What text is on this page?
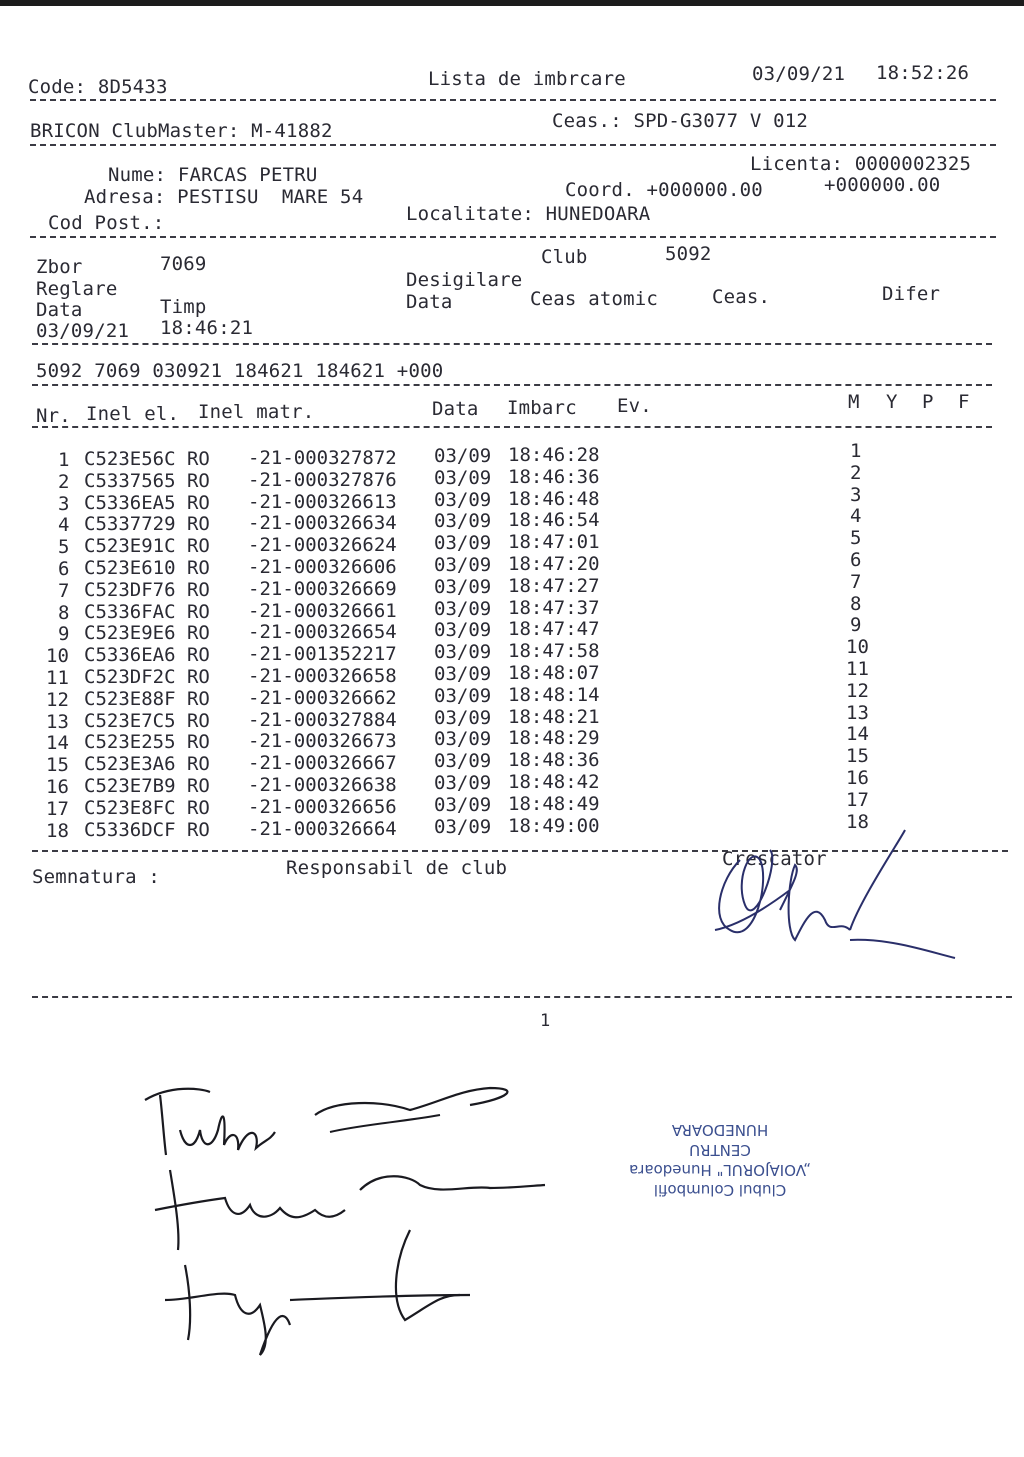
Code: 8D5433	Lista de imbrcare	03/09/21 18:52:26
BRICON ClubMaster: M-41882	Ceas.: SPD-G3077 V 012
Licenta: 0000002325
Nume: FARCAS PETRU
Adresa: PESTISU  MARE 54	Coord. +000000.00	+000000.00
Cod Post.:	Localitate: HUNEDOARA
Club	5092
Zbor	7069
Desigilare
Reglare
Data	Timp	Data	Ceas atomic	Ceas.	Difer
03/09/21 18:46:21
5092 7069 030921 184621 184621 +000
Nr. Inel el. Inel matr.	Data Imbarc Ev.	M Y P F
1 C523E56C RO -21-000327872 03/09 18:46:28	1
2 C5337565 RO -21-000327876 03/09 18:46:36	2
3 C5336EA5 RO -21-000326613 03/09 18:46:48	3
4 C5337729 RO -21-000326634 03/09 18:46:54	4
5 C523E91C RO -21-000326624 03/09 18:47:01	5
6 C523E610 RO -21-000326606 03/09 18:47:20	6
7 C523DF76 RO -21-000326669 03/09 18:47:27	7
8 C5336FAC RO -21-000326661 03/09 18:47:37	8
9 C523E9E6 RO -21-000326654 03/09 18:47:47	9
10 C5336EA6 RO -21-001352217 03/09 18:47:58	10
11 C523DF2C RO -21-000326658 03/09 18:48:07	11
12 C523E88F RO -21-000326662 03/09 18:48:14	12
13 C523E7C5 RO -21-000327884 03/09 18:48:21	13
14 C523E255 RO -21-000326673 03/09 18:48:29	14
15 C523E3A6 RO -21-000326667 03/09 18:48:36	15
16 C523E7B9 RO -21-000326638 03/09 18:48:42	16
17 C523E8FC RO -21-000326656 03/09 18:48:49	17
18 C5336DCF RO -21-000326664 03/09 18:49:00	18
Semnatura :	Responsabil de club	Crescator
1
Clubul Columbofil
„VOIAJORUL" Hunedoara
CENTRU
HUNEDOARA
